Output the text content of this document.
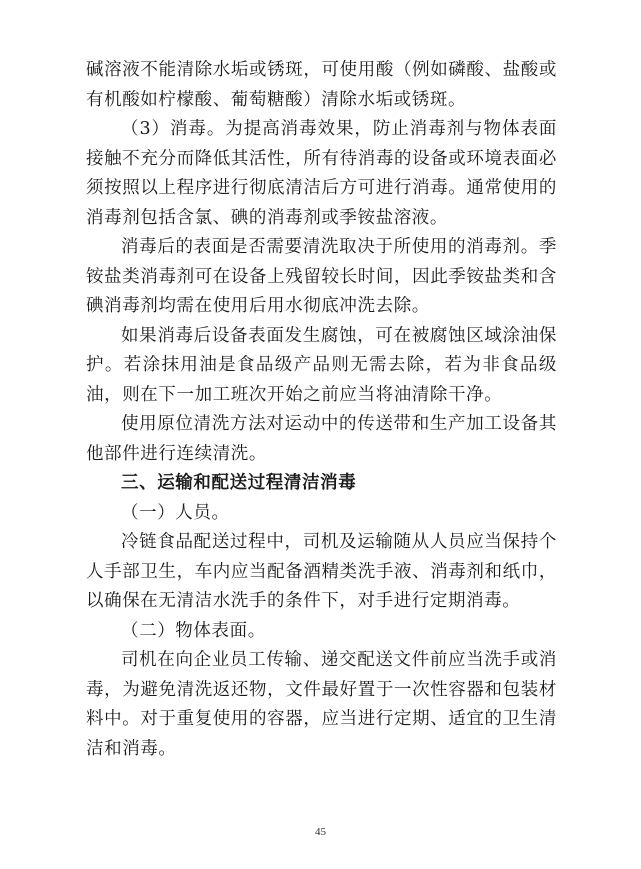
碱溶液不能清除水垢或锈斑，可使用酸（例如磷酸、盐酸或有机酸如柠檬酸、葡萄糖酸）清除水垢或锈斑。

（3）消毒。为提高消毒效果，防止消毒剂与物体表面接触不充分而降低其活性，所有待消毒的设备或环境表面必须按照以上程序进行彻底清洁后方可进行消毒。通常使用的消毒剂包括含氯、碘的消毒剂或季铵盐溶液。

消毒后的表面是否需要清洗取决于所使用的消毒剂。季铵盐类消毒剂可在设备上残留较长时间，因此季铵盐类和含碘消毒剂均需在使用后用水彻底冲洗去除。

如果消毒后设备表面发生腐蚀，可在被腐蚀区域涂油保护。若涂抹用油是食品级产品则无需去除，若为非食品级油，则在下一加工班次开始之前应当将油清除干净。

使用原位清洗方法对运动中的传送带和生产加工设备其他部件进行连续清洗。

三、运输和配送过程清洁消毒

（一）人员。

冷链食品配送过程中，司机及运输随从人员应当保持个人手部卫生，车内应当配备酒精类洗手液、消毒剂和纸巾，以确保在无清洁水洗手的条件下，对手进行定期消毒。

（二）物体表面。

司机在向企业员工传输、递交配送文件前应当洗手或消毒，为避免清洗返还物，文件最好置于一次性容器和包装材料中。对于重复使用的容器，应当进行定期、适宜的卫生清洁和消毒。

45
